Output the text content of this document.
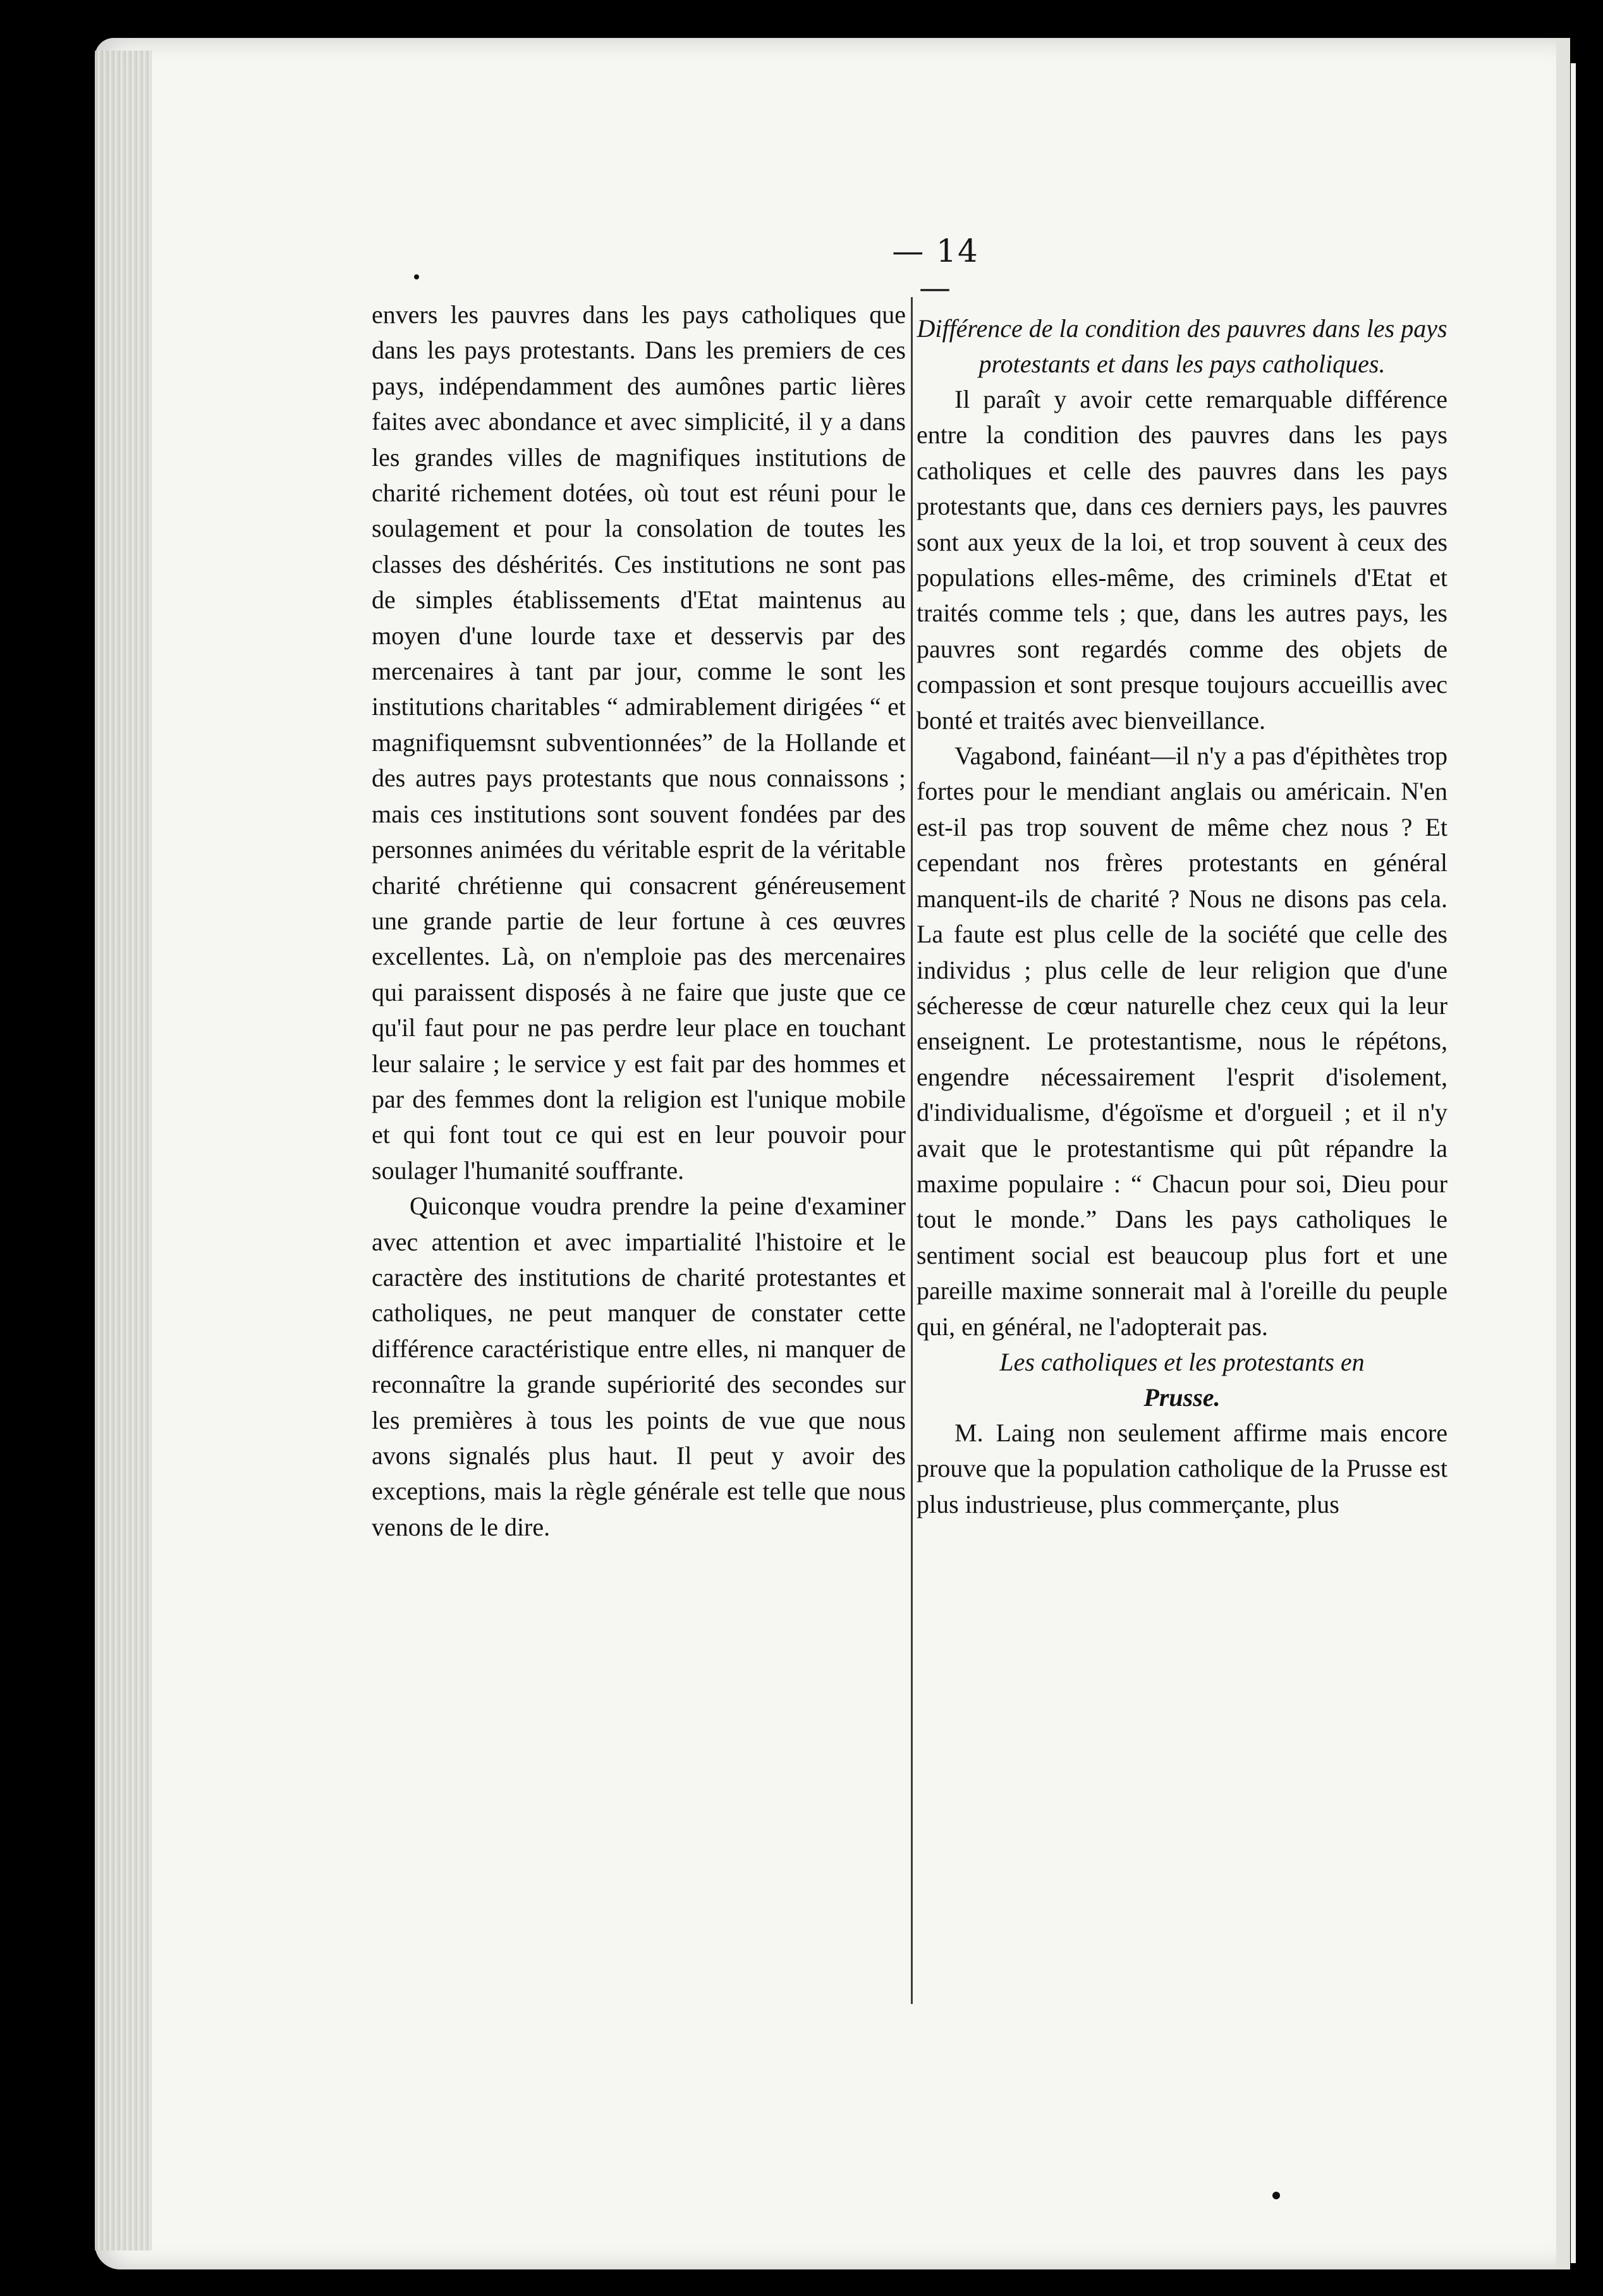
— 14 —

envers les pauvres dans les pays catholiques que dans les pays protestants. Dans les premiers de ces pays, indépendamment des aumônes partic lières faites avec abondance et avec simplicité, il y a dans les grandes villes de magnifiques institutions de charité richement dotées, où tout est réuni pour le soulagement et pour la consolation de toutes les classes des déshérités. Ces institutions ne sont pas de simples établissements d'Etat maintenus au moyen d'une lourde taxe et desservis par des mercenaires à tant par jour, comme le sont les institutions charitables “ admirablement dirigées “ et magnifiquemsnt subventionnées” de la Hollande et des autres pays protestants que nous connaissons ; mais ces institutions sont souvent fondées par des personnes animées du véritable esprit de la véritable charité chrétienne qui consacrent généreusement une grande partie de leur fortune à ces œuvres excellentes. Là, on n'emploie pas des mercenaires qui paraissent disposés à ne faire que juste que ce qu'il faut pour ne pas perdre leur place en touchant leur salaire ; le service y est fait par des hommes et par des femmes dont la religion est l'unique mobile et qui font tout ce qui est en leur pouvoir pour soulager l'humanité souffrante.

Quiconque voudra prendre la peine d'examiner avec attention et avec impartialité l'histoire et le caractère des institutions de charité protestantes et catholiques, ne peut manquer de constater cette différence caractéristique entre elles, ni manquer de reconnaître la grande supériorité des secondes sur les premières à tous les points de vue que nous avons signalés plus haut. Il peut y avoir des exceptions, mais la règle générale est telle que nous venons de le dire.

Différence de la condition des pauvres dans les pays protestants et dans les pays catholiques.

Il paraît y avoir cette remarquable différence entre la condition des pauvres dans les pays catholiques et celle des pauvres dans les pays protestants que, dans ces derniers pays, les pauvres sont aux yeux de la loi, et trop souvent à ceux des populations elles-même, des criminels d'Etat et traités comme tels ; que, dans les autres pays, les pauvres sont regardés comme des objets de compassion et sont presque toujours accueillis avec bonté et traités avec bienveillance.

Vagabond, fainéant—il n'y a pas d'épithètes trop fortes pour le mendiant anglais ou américain. N'en est-il pas trop souvent de même chez nous ? Et cependant nos frères protestants en général manquent-ils de charité ? Nous ne disons pas cela. La faute est plus celle de la société que celle des individus ; plus celle de leur religion que d'une sécheresse de cœur naturelle chez ceux qui la leur enseignent. Le protestantisme, nous le répétons, engendre nécessairement l'esprit d'isolement, d'individualisme, d'égoïsme et d'orgueil ; et il n'y avait que le protestantisme qui pût répandre la maxime populaire : “ Chacun pour soi, Dieu pour tout le monde.” Dans les pays catholiques le sentiment social est beaucoup plus fort et une pareille maxime sonnerait mal à l'oreille du peuple qui, en général, ne l'adopterait pas.

Les catholiques et les protestants en
Prusse.

M. Laing non seulement affirme mais encore prouve que la population catholique de la Prusse est plus industrieuse, plus commerçante, plus
